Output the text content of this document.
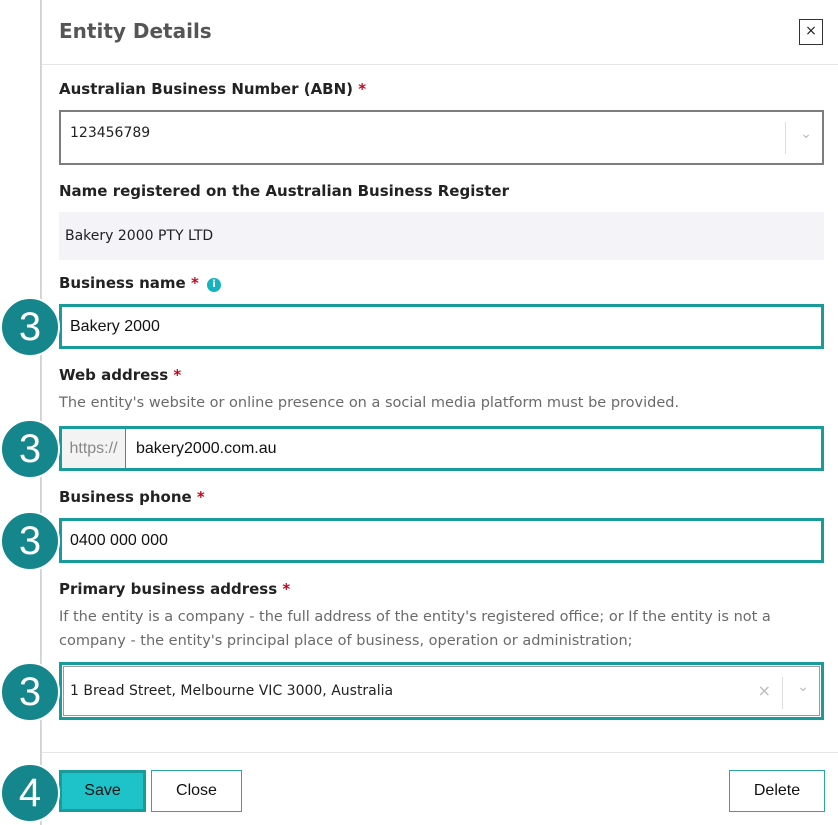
Entity Details	×
Australian Business Number (ABN) *
123456789	⌄
Name registered on the Australian Business Register
Bakery 2000 PTY LTD
Business name * i
Bakery 2000
Web address *
The entity's website or online presence on a social media platform must be provided.
https://	bakery2000.com.au
Business phone *
0400 000 000
Primary business address *
If the entity is a company - the full address of the entity's registered office; or If the entity is not a company - the entity's principal place of business, operation or administration;
1 Bread Street, Melbourne VIC 3000, Australia	× ⌄
Save	Close	Delete
3
3
3
3
4
